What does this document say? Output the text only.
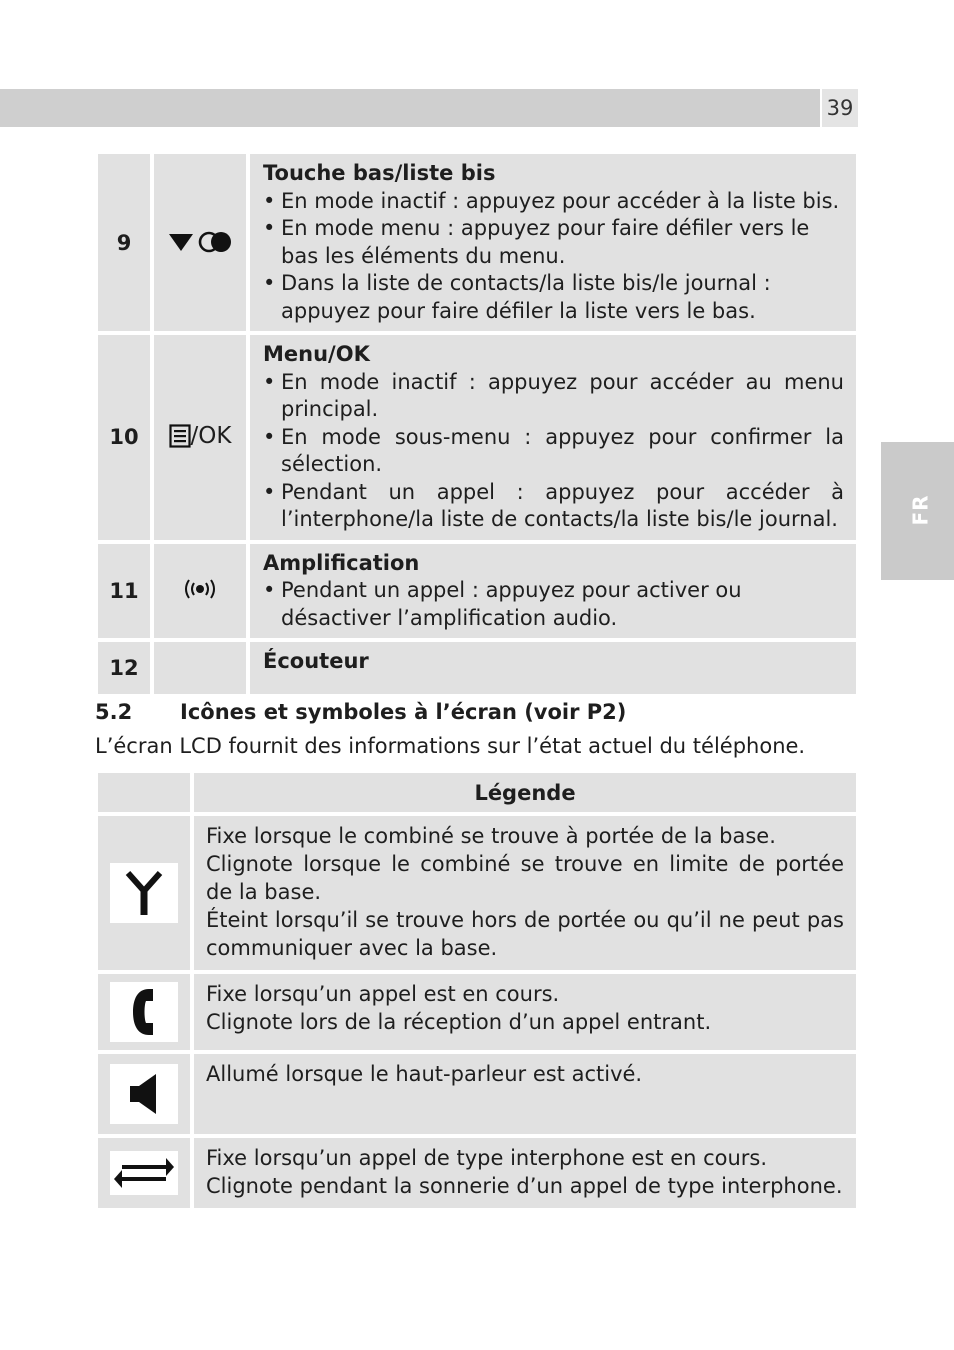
39
FR
9		Touche bas/liste bis
• En mode inactif : appuyez pour accéder à la liste bis.
• En mode menu : appuyez pour faire défiler vers le bas les éléments du menu.
• Dans la liste de contacts/la liste bis/le journal : appuyez pour faire défiler la liste vers le bas.

10	/OK	Menu/OK
• En mode inactif : appuyez pour accéder au menu principal.
• En mode sous-menu : appuyez pour confirmer la sélection.
• Pendant un appel : appuyez pour accéder à l’interphone/la liste de contacts/la liste bis/le journal.

11		Amplification
• Pendant un appel : appuyez pour activer ou désactiver l’amplification audio.

12		Écouteur
5.2 Icônes et symboles à l’écran (voir P2)
L’écran LCD fournit des informations sur l’état actuel du téléphone.
	Légende

Fixe lorsque le combiné se trouve à portée de la base.
Clignote lorsque le combiné se trouve en limite de portée de la base.
Éteint lorsqu’il se trouve hors de portée ou qu’il ne peut pas communiquer avec la base.

Fixe lorsqu’un appel est en cours.
Clignote lors de la réception d’un appel entrant.

Allumé lorsque le haut-parleur est activé.

Fixe lorsqu’un appel de type interphone est en cours.
Clignote pendant la sonnerie d’un appel de type interphone.
